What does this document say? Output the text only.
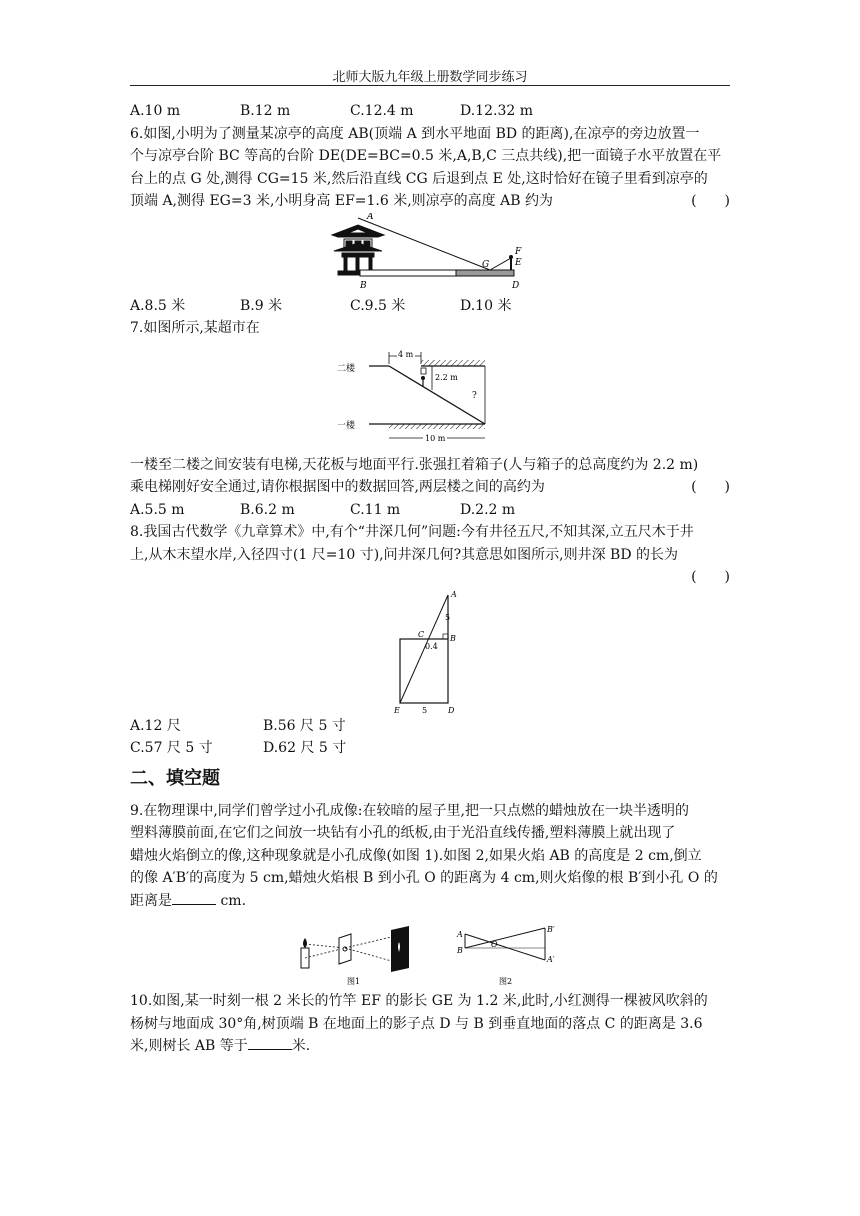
北师大版九年级上册数学同步练习
A.10 m	B.12 m	C.12.4 m	D.12.32 m
6.如图,小明为了测量某凉亭的高度 AB(顶端 A 到水平地面 BD 的距离),在凉亭的旁边放置一
个与凉亭台阶 BC 等高的台阶 DE(DE=BC=0.5 米,A,B,C 三点共线),把一面镜子水平放置在平
台上的点 G 处,测得 CG=15 米,然后沿直线 CG 后退到点 E 处,这时恰好在镜子里看到凉亭的
顶端 A,测得 EG=3 米,小明身高 EF=1.6 米,则凉亭的高度 AB 约为	(　　)
A
B
G
F
E
D
A.8.5 米	B.9 米	C.9.5 米	D.10 米
7.如图所示,某超市在
二楼
4 m
2.2 m
?
一楼
10 m
一楼至二楼之间安装有电梯,天花板与地面平行.张强扛着箱子(人与箱子的总高度约为 2.2 m)
乘电梯刚好安全通过,请你根据图中的数据回答,两层楼之间的高约为	(　　)
A.5.5 m	B.6.2 m	C.11 m	D.2.2 m
8.我国古代数学《九章算术》中,有个“井深几何”问题:今有井径五尺,不知其深,立五尺木于井
上,从木末望水岸,入径四寸(1 尺=10 寸),问井深几何?其意思如图所示,则井深 BD 的长为
(　　)
A
5
C	B
0.4
E	5	D
A.12 尺	B.56 尺 5 寸
C.57 尺 5 寸	D.62 尺 5 寸
二、填空题
9.在物理课中,同学们曾学过小孔成像:在较暗的屋子里,把一只点燃的蜡烛放在一块半透明的
塑料薄膜前面,在它们之间放一块钻有小孔的纸板,由于光沿直线传播,塑料薄膜上就出现了
蜡烛火焰倒立的像,这种现象就是小孔成像(如图 1).如图 2,如果火焰 AB 的高度是 2 cm,倒立
的像 A′B′的高度为 5 cm,蜡烛火焰根 B 到小孔 O 的距离为 4 cm,则火焰像的根 B′到小孔 O 的
距离是	cm.
图1
A
B
O
B′
A′
图2
10.如图,某一时刻一根 2 米长的竹竿 EF 的影长 GE 为 1.2 米,此时,小红测得一棵被风吹斜的
杨树与地面成 30°角,树顶端 B 在地面上的影子点 D 与 B 到垂直地面的落点 C 的距离是 3.6
米,则树长 AB 等于	米.
